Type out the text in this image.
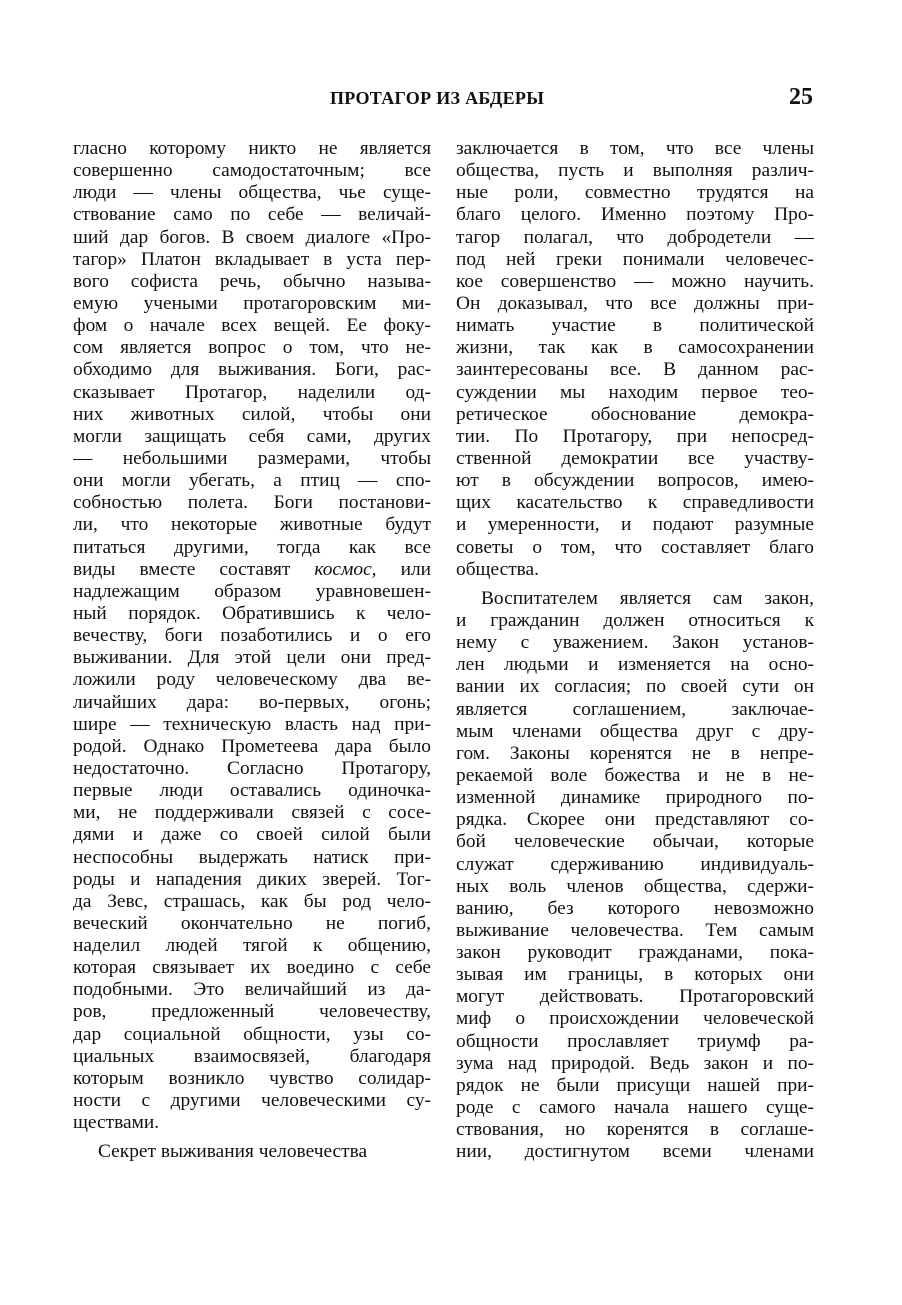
ПРОТАГОР ИЗ АБДЕРЫ	25
гласно которому никто не является
совершенно самодостаточным; все
люди — члены общества, чье суще-
ствование само по себе — величай-
ший дар богов. В своем диалоге «Про-
тагор» Платон вкладывает в уста пер-
вого софиста речь, обычно называ-
емую учеными протагоровским ми-
фом о начале всех вещей. Ее фоку-
сом является вопрос о том, что не-
обходимо для выживания. Боги, рас-
сказывает Протагор, наделили од-
них животных силой, чтобы они
могли защищать себя сами, других
— небольшими размерами, чтобы
они могли убегать, а птиц — спо-
собностью полета. Боги постанови-
ли, что некоторые животные будут
питаться другими, тогда как все
виды вместе составят космос, или
надлежащим образом уравновешен-
ный порядок. Обратившись к чело-
вечеству, боги позаботились и о его
выживании. Для этой цели они пред-
ложили роду человеческому два ве-
личайших дара: во-первых, огонь;
шире — техническую власть над при-
родой. Однако Прометеева дара было
недостаточно. Согласно Протагору,
первые люди оставались одиночка-
ми, не поддерживали связей с сосе-
дями и даже со своей силой были
неспособны выдержать натиск при-
роды и нападения диких зверей. Тог-
да Зевс, страшась, как бы род чело-
веческий окончательно не погиб,
наделил людей тягой к общению,
которая связывает их воедино с себе
подобными. Это величайший из да-
ров, предложенный человечеству,
дар социальной общности, узы со-
циальных взаимосвязей, благодаря
которым возникло чувство солидар-
ности с другими человеческими су-
ществами.
Секрет выживания человечества
заключается в том, что все члены
общества, пусть и выполняя различ-
ные роли, совместно трудятся на
благо целого. Именно поэтому Про-
тагор полагал, что добродетели —
под ней греки понимали человечес-
кое совершенство — можно научить.
Он доказывал, что все должны при-
нимать участие в политической
жизни, так как в самосохранении
заинтересованы все. В данном рас-
суждении мы находим первое тео-
ретическое обоснование демокра-
тии. По Протагору, при непосред-
ственной демократии все участву-
ют в обсуждении вопросов, имею-
щих касательство к справедливости
и умеренности, и подают разумные
советы о том, что составляет благо
общества.
Воспитателем является сам закон,
и гражданин должен относиться к
нему с уважением. Закон установ-
лен людьми и изменяется на осно-
вании их согласия; по своей сути он
является соглашением, заключае-
мым членами общества друг с дру-
гом. Законы коренятся не в непре-
рекаемой воле божества и не в не-
изменной динамике природного по-
рядка. Скорее они представляют со-
бой человеческие обычаи, которые
служат сдерживанию индивидуаль-
ных воль членов общества, сдержи-
ванию, без которого невозможно
выживание человечества. Тем самым
закон руководит гражданами, пока-
зывая им границы, в которых они
могут действовать. Протагоровский
миф о происхождении человеческой
общности прославляет триумф ра-
зума над природой. Ведь закон и по-
рядок не были присущи нашей при-
роде с самого начала нашего суще-
ствования, но коренятся в соглаше-
нии, достигнутом всеми членами
